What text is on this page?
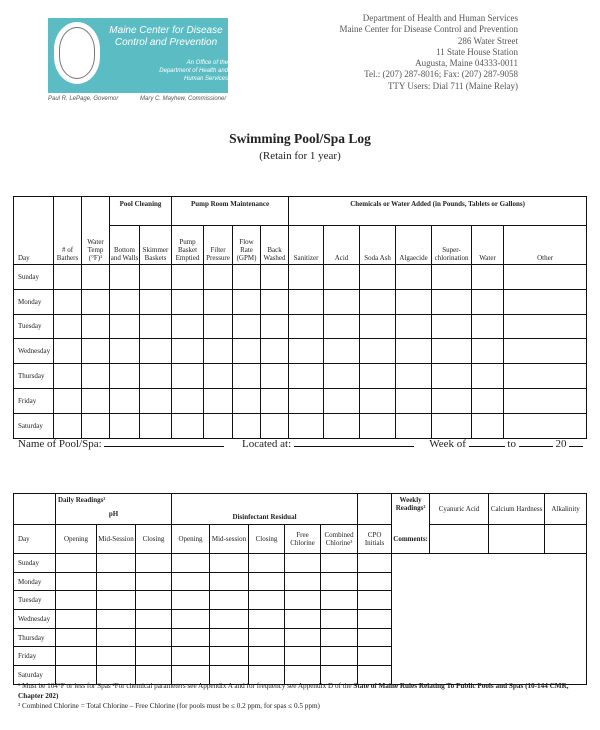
Maine Center for Disease
Control and Prevention
An Office of the
Department of Health and Human Services
Paul R. LePage, Governor	Mary C. Mayhew, Commissioner
Department of Health and Human Services
Maine Center for Disease Control and Prevention
286 Water Street
11 State House Station
Augusta, Maine 04333-0011
Tel.: (207) 287-8016; Fax: (207) 287-9058
TTY Users: Dial 711 (Maine Relay)
Swimming Pool/Spa Log
(Retain for 1 year)
			Pool Cleaning		Pump Room Maintenance				Chemicals or Water Added (in Pounds, Tablets or Gallons)						
Day	# of Bathers	Water Temp (°F)¹	Bottom and Walls	Skimmer Baskets	Pump Basket Emptied	Filter Pressure	Flow Rate (GPM)	Back Washed	Sanitizer	Acid	Soda Ash	Algaecide	Super-chlorination	Water	Other
Sunday															
Monday															
Tuesday															
Wednesday															
Thursday															
Friday															
Saturday															
Name of Pool/Spa:	Located at:	Week of	to	20

	Daily Readings²
pH			Disinfectant Residual						Weekly Readings²	Cyanuric Acid	Calcium Hardness	Alkalinity
Day	Opening	Mid-Session	Closing	Opening	Mid-session	Closing	Free Chlorine	Combined Chlorine³	CPO Initials	Comments:			
Sunday													
Monday													
Tuesday													
Wednesday													
Thursday													
Friday													
Saturday													
¹ Must be 104°F or less for Spas ²For chemical parameters see Appendix A and for frequency see Appendix D of the State of Maine Rules Relating To Public Pools and Spas (10-144 CMR, Chapter 202)
³ Combined Chlorine = Total Chlorine – Free Chlorine (for pools must be ≤ 0.2 ppm, for spas ≤ 0.5 ppm)
